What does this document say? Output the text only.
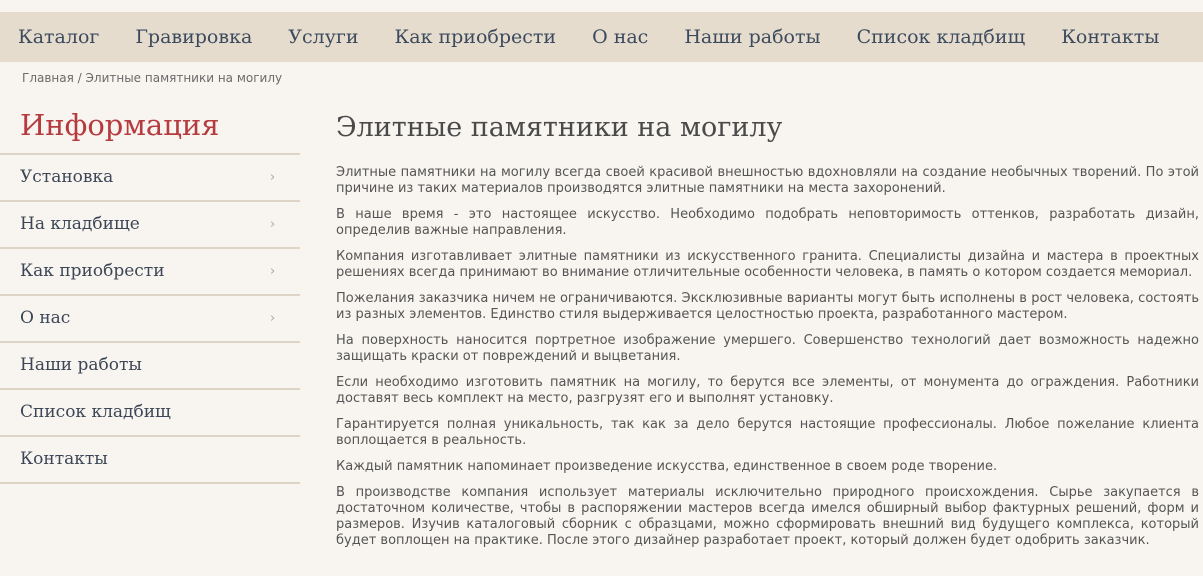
Каталог Гравировка Услуги Как приобрести О нас Наши работы Список кладбищ Контакты
Главная / Элитные памятники на могилу
Информация
Установка	›
На кладбище	›
Как приобрести	›
О нас	›
Наши работы
Список кладбищ
Контакты
Элитные памятники на могилу

Элитные памятники на могилу всегда своей красивой внешностью вдохновляли на создание необычных творений. По этой причине из таких материалов производятся элитные памятники на места захоронений.

В наше время - это настоящее искусство. Необходимо подобрать неповторимость оттенков, разработать дизайн, определив важные направления.

Компания изготавливает элитные памятники из искусственного гранита. Специалисты дизайна и мастера в проектных решениях всегда принимают во внимание отличительные особенности человека, в память о котором создается мемориал.

Пожелания заказчика ничем не ограничиваются. Эксклюзивные варианты могут быть исполнены в рост человека, состоять из разных элементов. Единство стиля выдерживается целостностью проекта, разработанного мастером.

На поверхность наносится портретное изображение умершего. Совершенство технологий дает возможность надежно защищать краски от повреждений и выцветания.

Если необходимо изготовить памятник на могилу, то берутся все элементы, от монумента до ограждения. Работники доставят весь комплект на место, разгрузят его и выполнят установку.

Гарантируется полная уникальность, так как за дело берутся настоящие профессионалы. Любое пожелание клиента воплощается в реальность.

Каждый памятник напоминает произведение искусства, единственное в своем роде творение.

В производстве компания использует материалы исключительно природного происхождения. Сырье закупается в достаточном количестве, чтобы в распоряжении мастеров всегда имелся обширный выбор фактурных решений, форм и размеров. Изучив каталоговый сборник с образцами, можно сформировать внешний вид будущего комплекса, который будет воплощен на практике. После этого дизайнер разработает проект, который должен будет одобрить заказчик.
